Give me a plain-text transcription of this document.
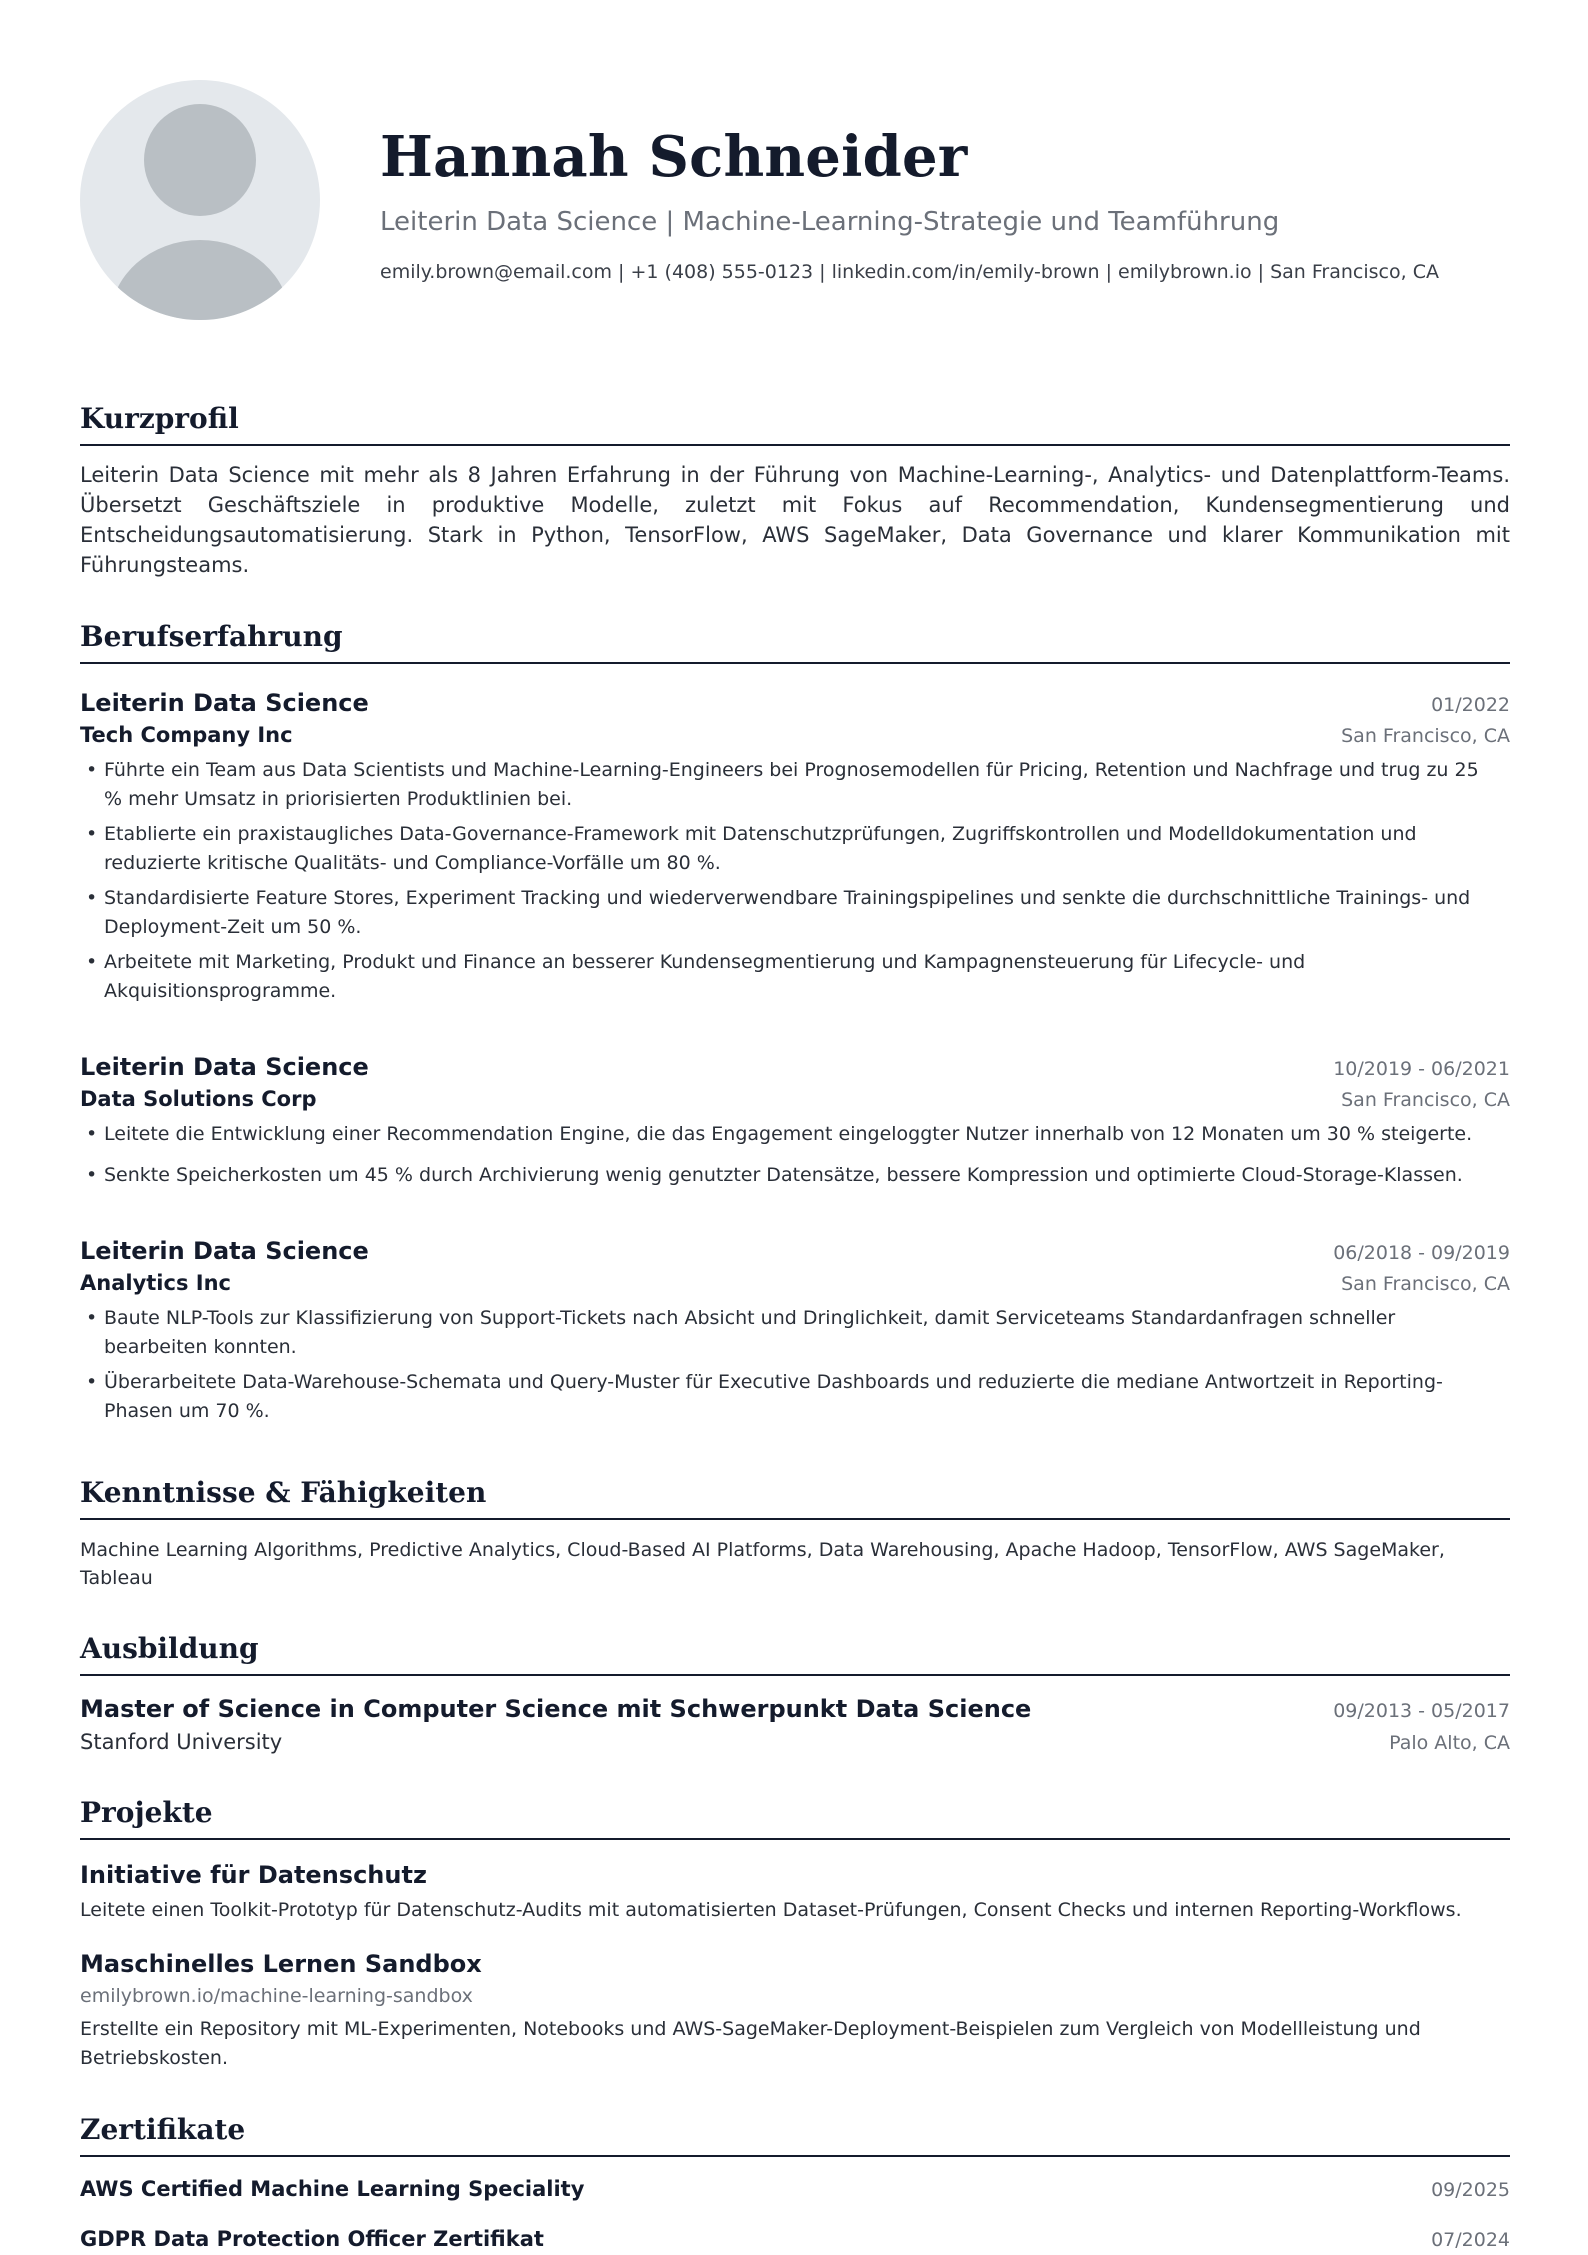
Hannah Schneider
Leiterin Data Science | Machine-Learning-Strategie und Teamführung
emily.brown@email.com | +1 (408) 555-0123 | linkedin.com/in/emily-brown | emilybrown.io | San Francisco, CA
Kurzprofil

Leiterin Data Science mit mehr als 8 Jahren Erfahrung in der Führung von Machine-Learning-, Analytics- und Datenplattform-Teams. Übersetzt Geschäftsziele in produktive Modelle, zuletzt mit Fokus auf Recommendation, Kundensegmentierung und Entscheidungsautomatisierung. Stark in Python, TensorFlow, AWS SageMaker, Data Governance und klarer Kommunikation mit Führungsteams.

Berufserfahrung
Leiterin Data Science	01/2022
Tech Company Inc	San Francisco, CA
• Führte ein Team aus Data Scientists und Machine-Learning-Engineers bei Prognosemodellen für Pricing, Retention und Nachfrage und trug zu 25 % mehr Umsatz in priorisierten Produktlinien bei.
• Etablierte ein praxistaugliches Data-Governance-Framework mit Datenschutzprüfungen, Zugriffskontrollen und Modelldokumentation und reduzierte kritische Qualitäts- und Compliance-Vorfälle um 80 %.
• Standardisierte Feature Stores, Experiment Tracking und wiederverwendbare Trainingspipelines und senkte die durchschnittliche Trainings- und Deployment-Zeit um 50 %.
• Arbeitete mit Marketing, Produkt und Finance an besserer Kundensegmentierung und Kampagnensteuerung für Lifecycle- und Akquisitionsprogramme.
Leiterin Data Science	10/2019 - 06/2021
Data Solutions Corp	San Francisco, CA
• Leitete die Entwicklung einer Recommendation Engine, die das Engagement eingeloggter Nutzer innerhalb von 12 Monaten um 30 % steigerte.
• Senkte Speicherkosten um 45 % durch Archivierung wenig genutzter Datensätze, bessere Kompression und optimierte Cloud-Storage-Klassen.
Leiterin Data Science	06/2018 - 09/2019
Analytics Inc	San Francisco, CA
• Baute NLP-Tools zur Klassifizierung von Support-Tickets nach Absicht und Dringlichkeit, damit Serviceteams Standardanfragen schneller bearbeiten konnten.
• Überarbeitete Data-Warehouse-Schemata und Query-Muster für Executive Dashboards und reduzierte die mediane Antwortzeit in Reporting-Phasen um 70 %.
Kenntnisse & Fähigkeiten

Machine Learning Algorithms, Predictive Analytics, Cloud-Based AI Platforms, Data Warehousing, Apache Hadoop, TensorFlow, AWS SageMaker, Tableau

Ausbildung
Master of Science in Computer Science mit Schwerpunkt Data Science	09/2013 - 05/2017
Stanford University	Palo Alto, CA
Projekte
Initiative für Datenschutz
Leitete einen Toolkit-Prototyp für Datenschutz-Audits mit automatisierten Dataset-Prüfungen, Consent Checks und internen Reporting-Workflows.
Maschinelles Lernen Sandbox
emilybrown.io/machine-learning-sandbox
Erstellte ein Repository mit ML-Experimenten, Notebooks und AWS-SageMaker-Deployment-Beispielen zum Vergleich von Modellleistung und Betriebskosten.
Zertifikate
AWS Certified Machine Learning Speciality	09/2025
GDPR Data Protection Officer Zertifikat	07/2024
